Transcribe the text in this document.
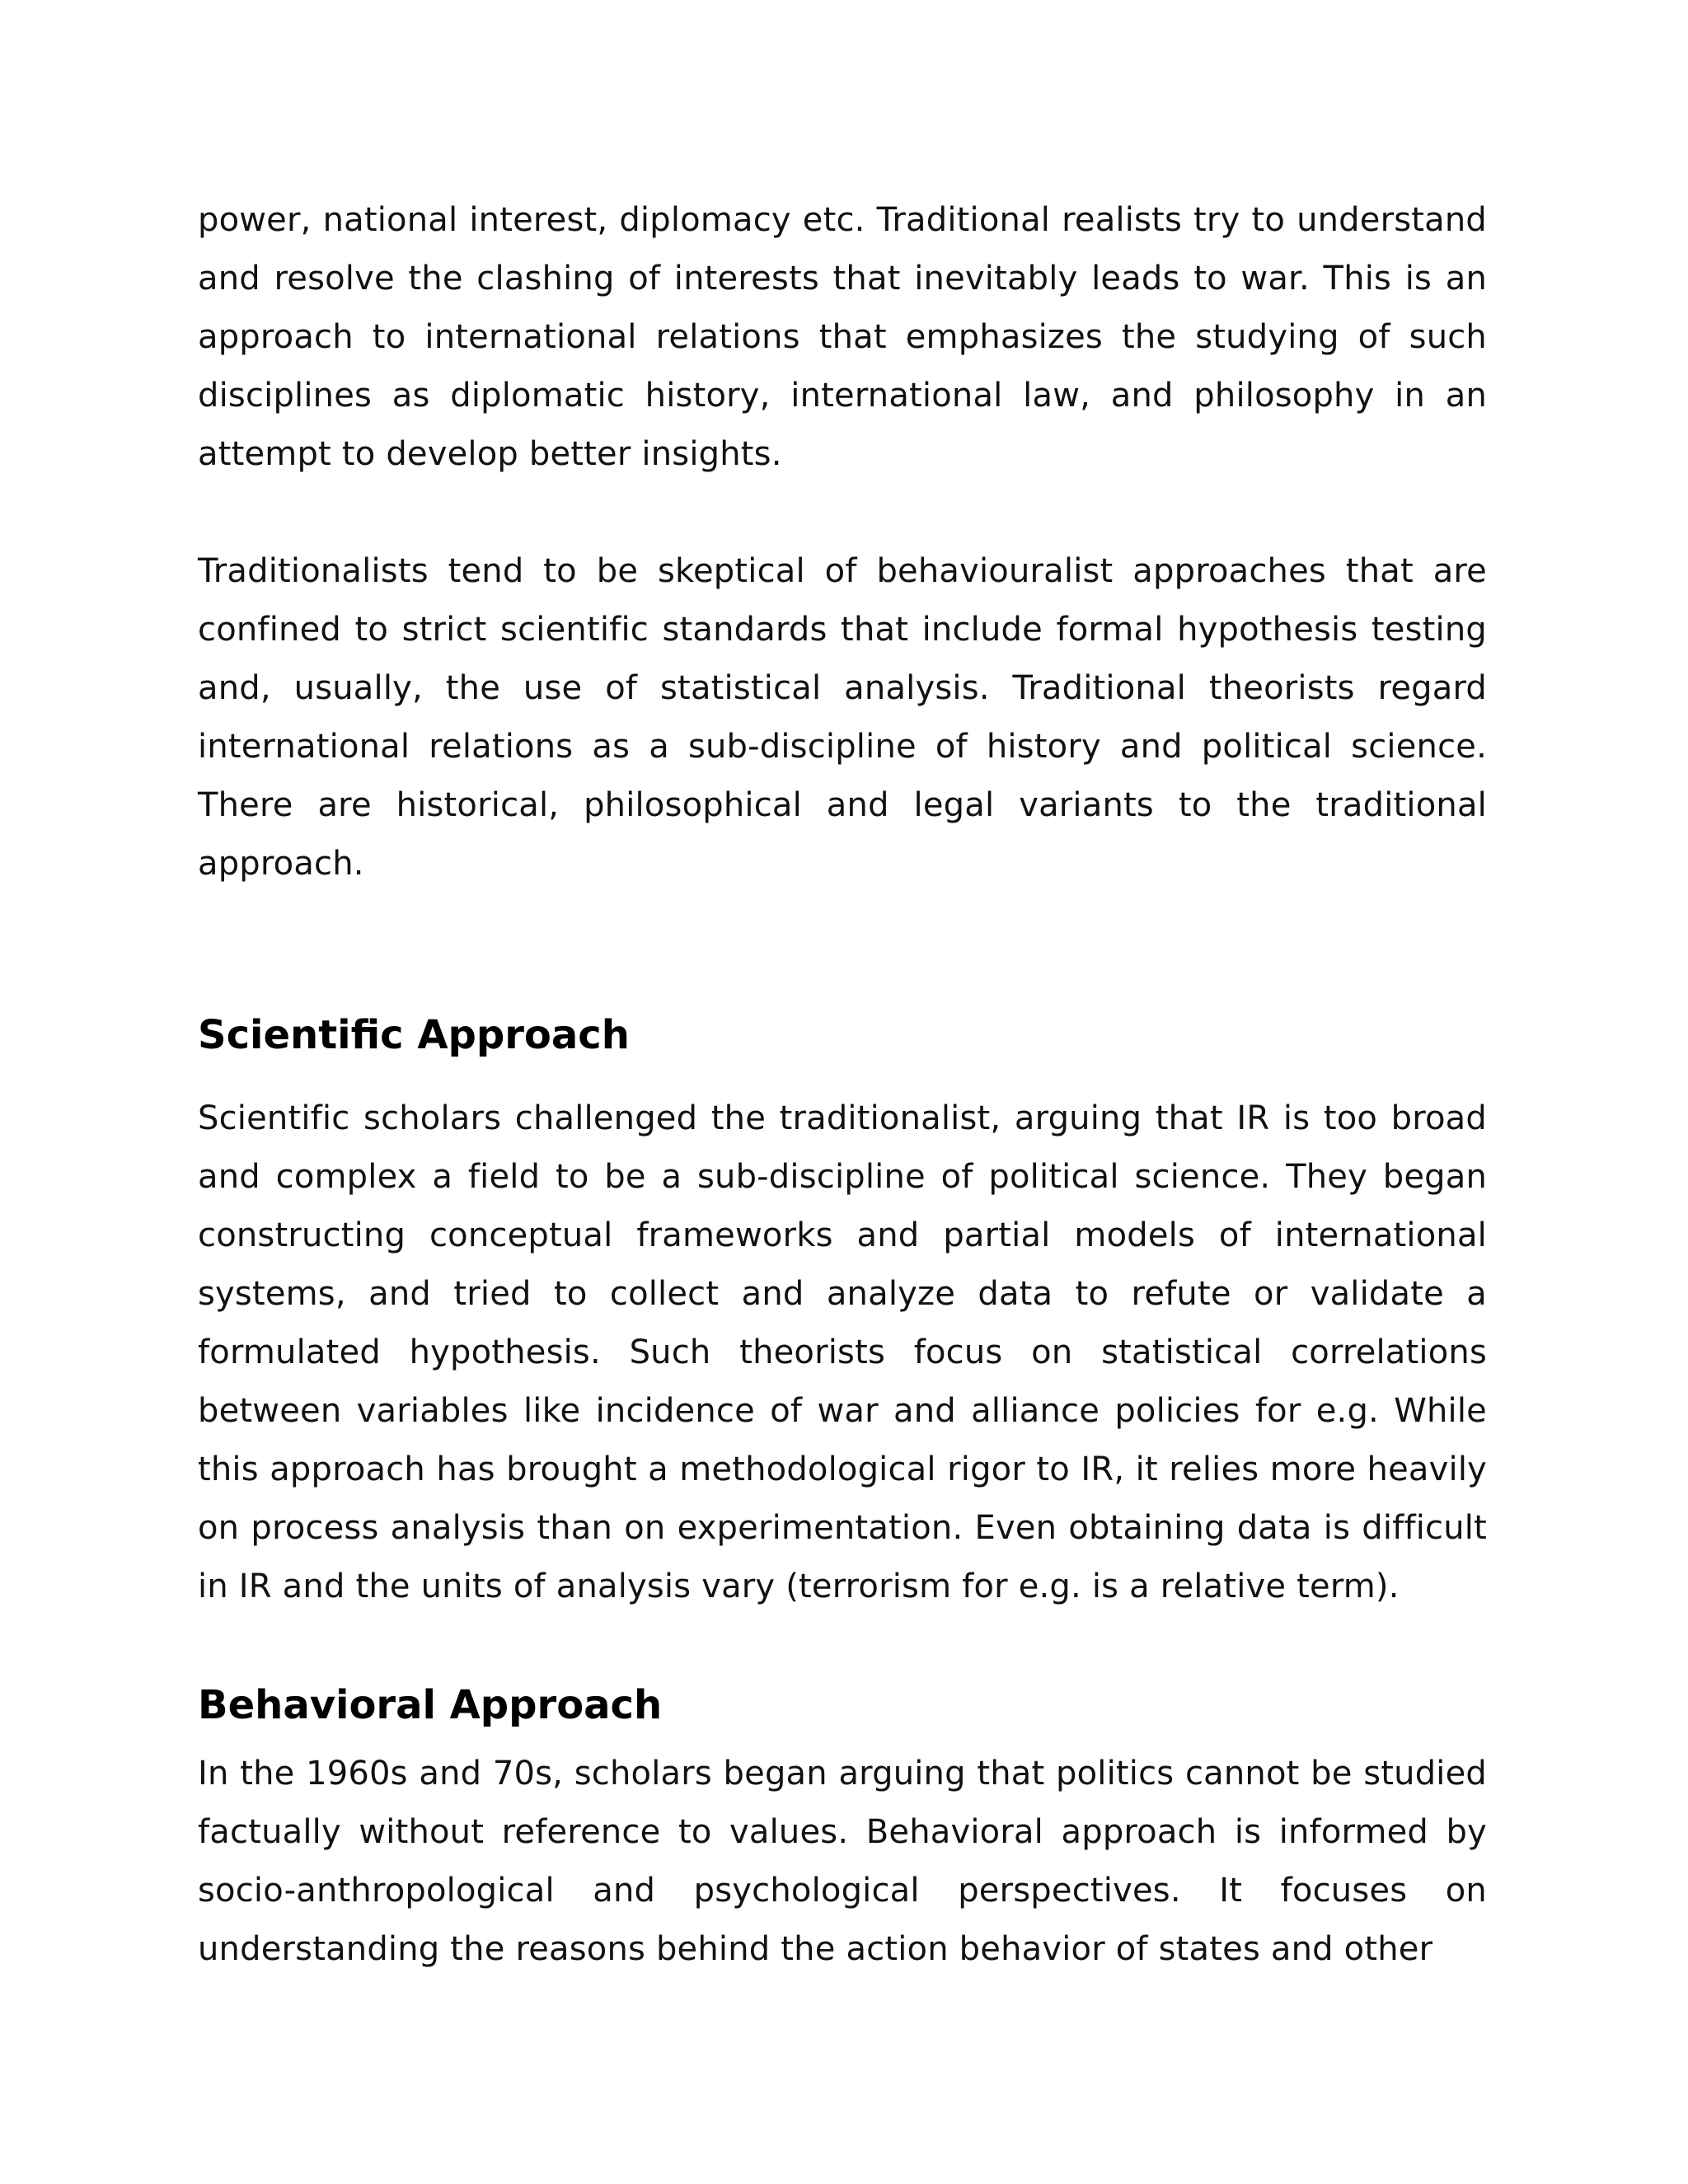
power, national interest, diplomacy etc. Traditional realists try to understand and resolve the clashing of interests that inevitably leads to war. This is an approach to international relations that emphasizes the studying of such disciplines as diplomatic history, international law, and philosophy in an attempt to develop better insights.

Traditionalists tend to be skeptical of behaviouralist approaches that are confined to strict scientific standards that include formal hypothesis testing and, usually, the use of statistical analysis. Traditional theorists regard international relations as a sub-discipline of history and political science. There are historical, philosophical and legal variants to the traditional approach.

Scientific Approach

Scientific scholars challenged the traditionalist, arguing that IR is too broad and complex a field to be a sub-discipline of political science. They began constructing conceptual frameworks and partial models of international systems, and tried to collect and analyze data to refute or validate a formulated hypothesis. Such theorists focus on statistical correlations between variables like incidence of war and alliance policies for e.g. While this approach has brought a methodological rigor to IR, it relies more heavily on process analysis than on experimentation. Even obtaining data is difficult in IR and the units of analysis vary (terrorism for e.g. is a relative term).

Behavioral Approach

In the 1960s and 70s, scholars began arguing that politics cannot be studied factually without reference to values. Behavioral approach is informed by socio-anthropological and psychological perspectives. It focuses on understanding the reasons behind the action behavior of states and other
